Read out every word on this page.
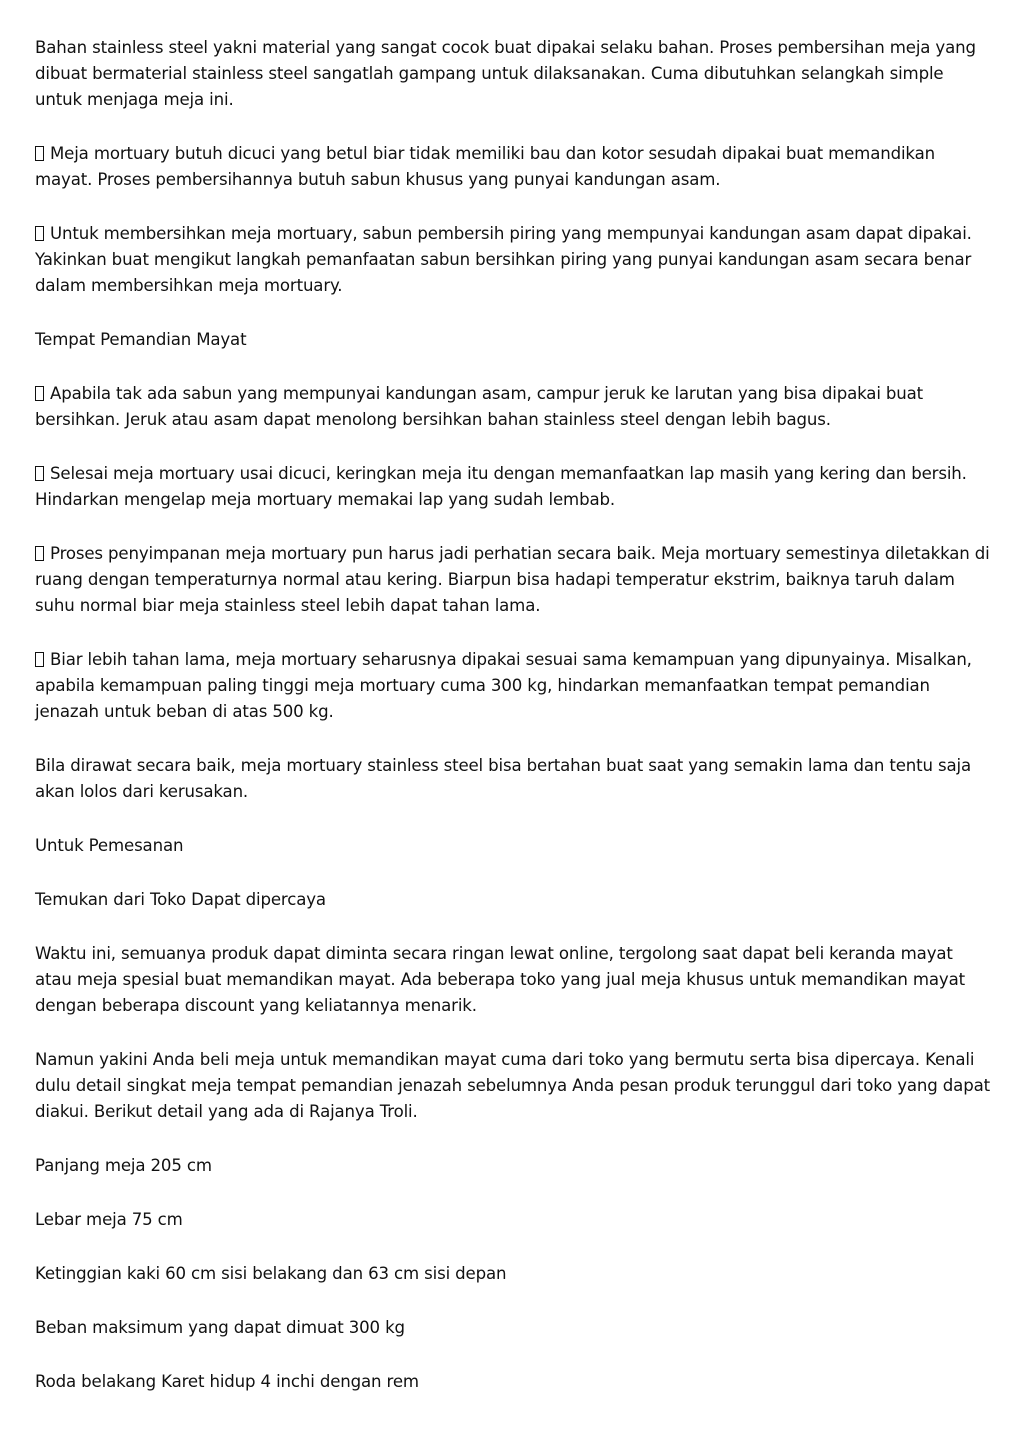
Bahan stainless steel yakni material yang sangat cocok buat dipakai selaku bahan. Proses pembersihan meja yang dibuat bermaterial stainless steel sangatlah gampang untuk dilaksanakan. Cuma dibutuhkan selangkah simple untuk menjaga meja ini.

Meja mortuary butuh dicuci yang betul biar tidak memiliki bau dan kotor sesudah dipakai buat memandikan mayat. Proses pembersihannya butuh sabun khusus yang punyai kandungan asam.

Untuk membersihkan meja mortuary, sabun pembersih piring yang mempunyai kandungan asam dapat dipakai. Yakinkan buat mengikut langkah pemanfaatan sabun bersihkan piring yang punyai kandungan asam secara benar dalam membersihkan meja mortuary.

Tempat Pemandian Mayat

Apabila tak ada sabun yang mempunyai kandungan asam, campur jeruk ke larutan yang bisa dipakai buat bersihkan. Jeruk atau asam dapat menolong bersihkan bahan stainless steel dengan lebih bagus.

Selesai meja mortuary usai dicuci, keringkan meja itu dengan memanfaatkan lap masih yang kering dan bersih. Hindarkan mengelap meja mortuary memakai lap yang sudah lembab.

Proses penyimpanan meja mortuary pun harus jadi perhatian secara baik. Meja mortuary semestinya diletakkan di ruang dengan temperaturnya normal atau kering. Biarpun bisa hadapi temperatur ekstrim, baiknya taruh dalam suhu normal biar meja stainless steel lebih dapat tahan lama.

Biar lebih tahan lama, meja mortuary seharusnya dipakai sesuai sama kemampuan yang dipunyainya. Misalkan, apabila kemampuan paling tinggi meja mortuary cuma 300 kg, hindarkan memanfaatkan tempat pemandian jenazah untuk beban di atas 500 kg.

Bila dirawat secara baik, meja mortuary stainless steel bisa bertahan buat saat yang semakin lama dan tentu saja akan lolos dari kerusakan.

Untuk Pemesanan

Temukan dari Toko Dapat dipercaya

Waktu ini, semuanya produk dapat diminta secara ringan lewat online, tergolong saat dapat beli keranda mayat atau meja spesial buat memandikan mayat. Ada beberapa toko yang jual meja khusus untuk memandikan mayat dengan beberapa discount yang keliatannya menarik.

Namun yakini Anda beli meja untuk memandikan mayat cuma dari toko yang bermutu serta bisa dipercaya. Kenali dulu detail singkat meja tempat pemandian jenazah sebelumnya Anda pesan produk terunggul dari toko yang dapat diakui. Berikut detail yang ada di Rajanya Troli.

Panjang meja 205 cm

Lebar meja 75 cm

Ketinggian kaki 60 cm sisi belakang dan 63 cm sisi depan

Beban maksimum yang dapat dimuat 300 kg

Roda belakang Karet hidup 4 inchi dengan rem
